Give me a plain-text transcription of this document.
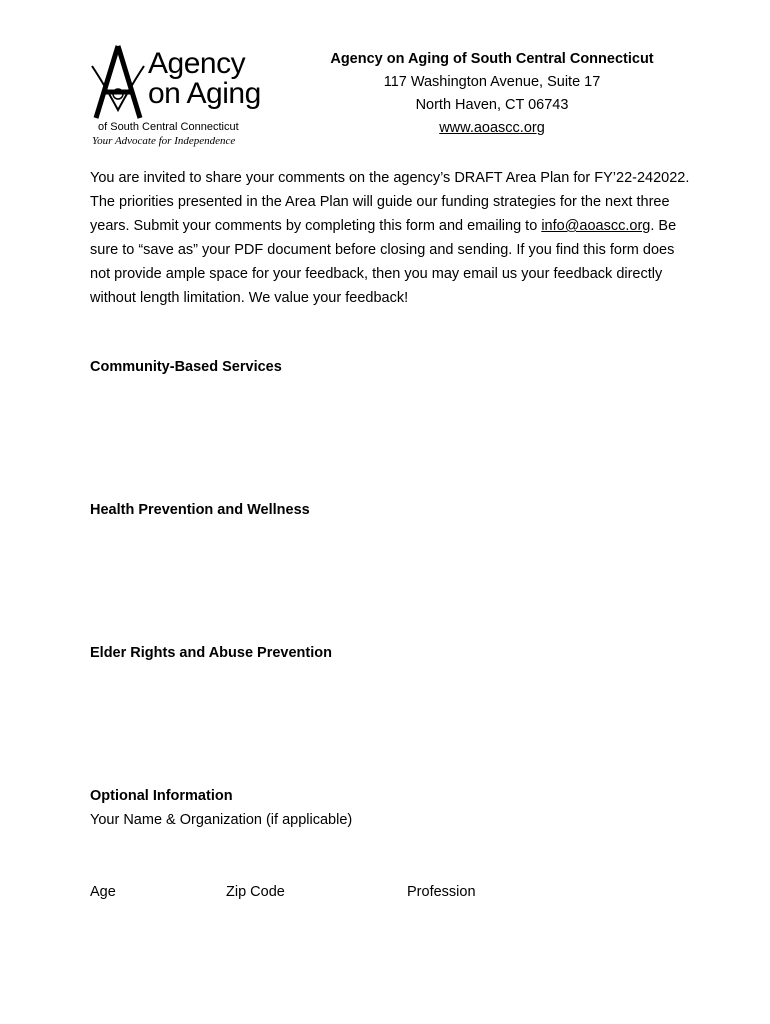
Agency
on Aging
of South Central Connecticut
Your Advocate for Independence
Agency on Aging of South Central Connecticut
117 Washington Avenue, Suite 17
North Haven, CT 06743
www.aoascc.org
You are invited to share your comments on the agency’s DRAFT Area Plan for FY’22-242022. The priorities presented in the Area Plan will guide our funding strategies for the next three years. Submit your comments by completing this form and emailing to info@aoascc.org. Be sure to “save as” your PDF document before closing and sending. If you find this form does not provide ample space for your feedback, then you may email us your feedback directly without length limitation. We value your feedback!
Community-Based Services
Health Prevention and Wellness
Elder Rights and Abuse Prevention
Optional Information
Your Name & Organization (if applicable)
Age	Zip Code	Profession
